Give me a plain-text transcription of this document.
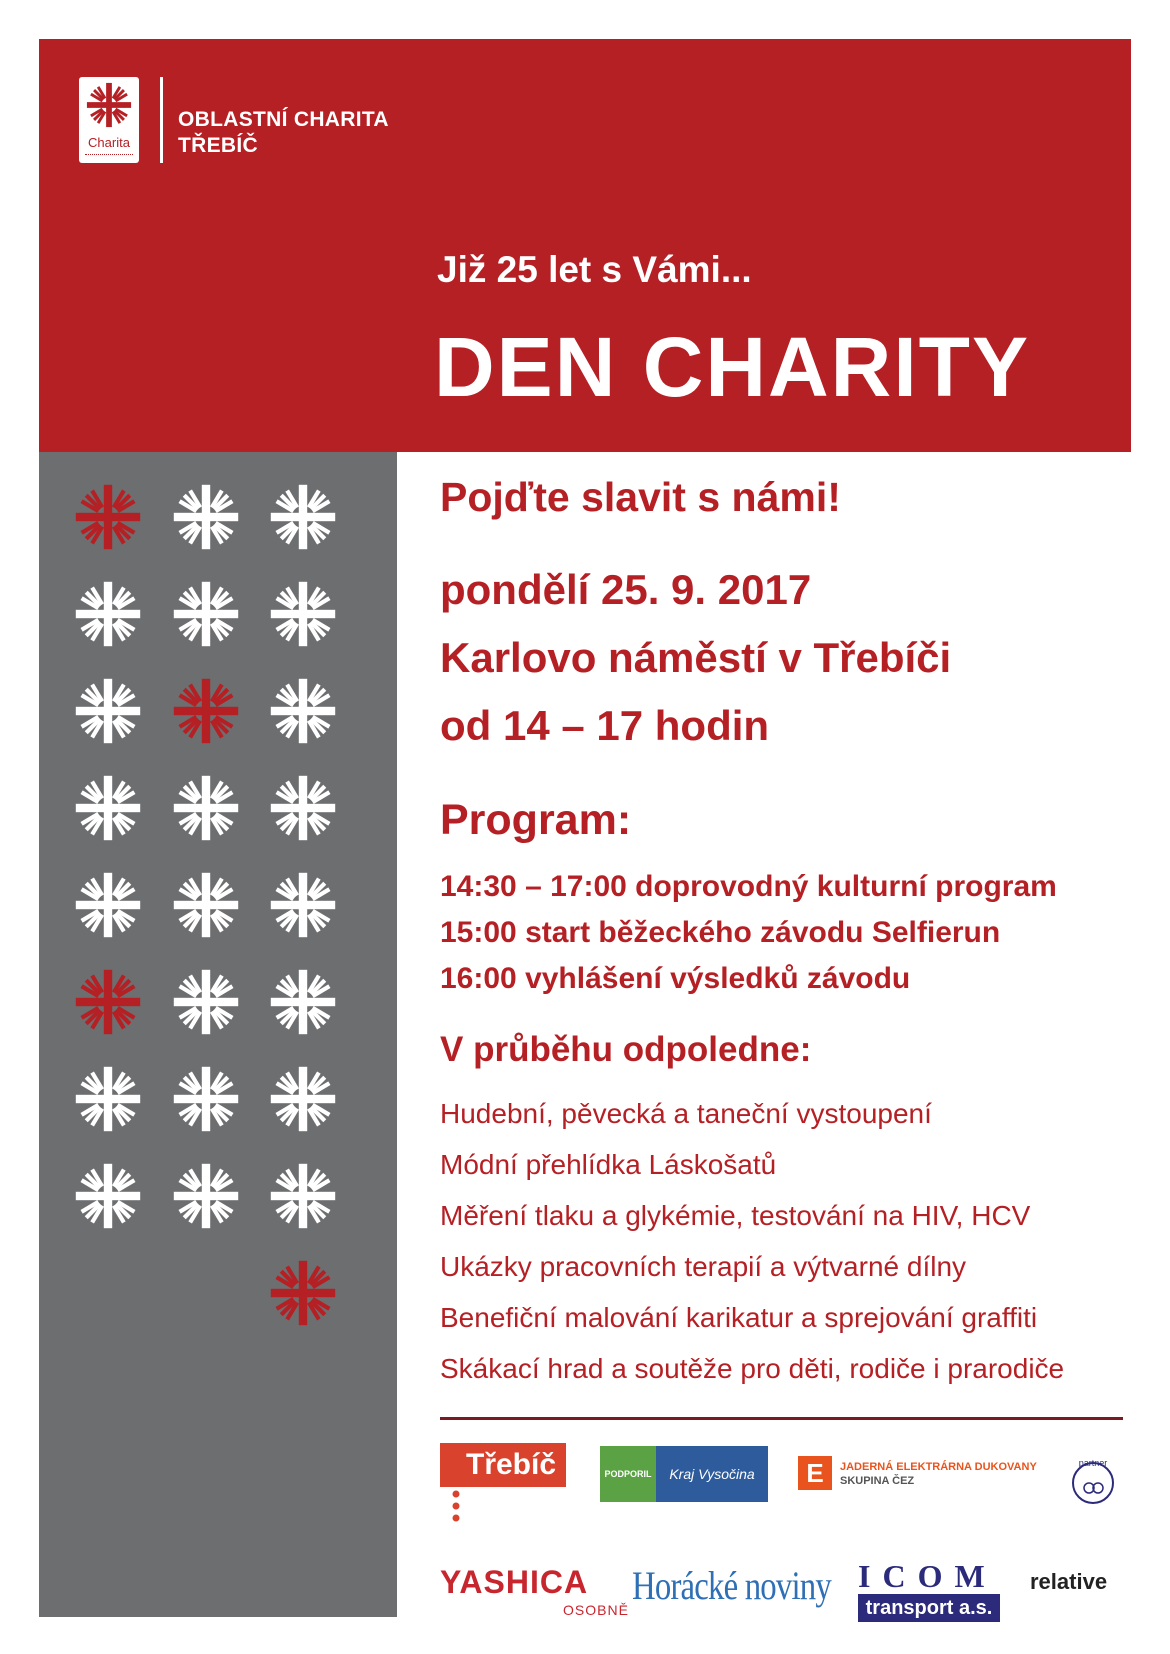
Charita
OBLASTNÍ CHARITA
TŘEBÍČ
Již 25 let s Vámi...
DEN CHARITY
Pojďte slavit s námi!
pondělí 25. 9. 2017
Karlovo náměstí v Třebíči
od 14 – 17 hodin
Program:
14:30 – 17:00 doprovodný kulturní program
15:00 start běžeckého závodu Selfierun
16:00 vyhlášení výsledků závodu
V průběhu odpoledne:
Hudební, pěvecká a taneční vystoupení
Módní přehlídka Láskošatů
Měření tlaku a glykémie, testování na HIV, HCV
Ukázky pracovních terapií a výtvarné dílny
Benefiční malování karikatur a sprejování graffiti
Skákací hrad a soutěže pro děti, rodiče i prarodiče
Třebíč	PODPORIL	Kraj Vysočina	E	JADERNÁ ELEKTRÁRNA DUKOVANY
SKUPINA ČEZ
partner
YASHICA
OSOBNĚ
Horácké noviny ICOM
transport a.s.
relative
